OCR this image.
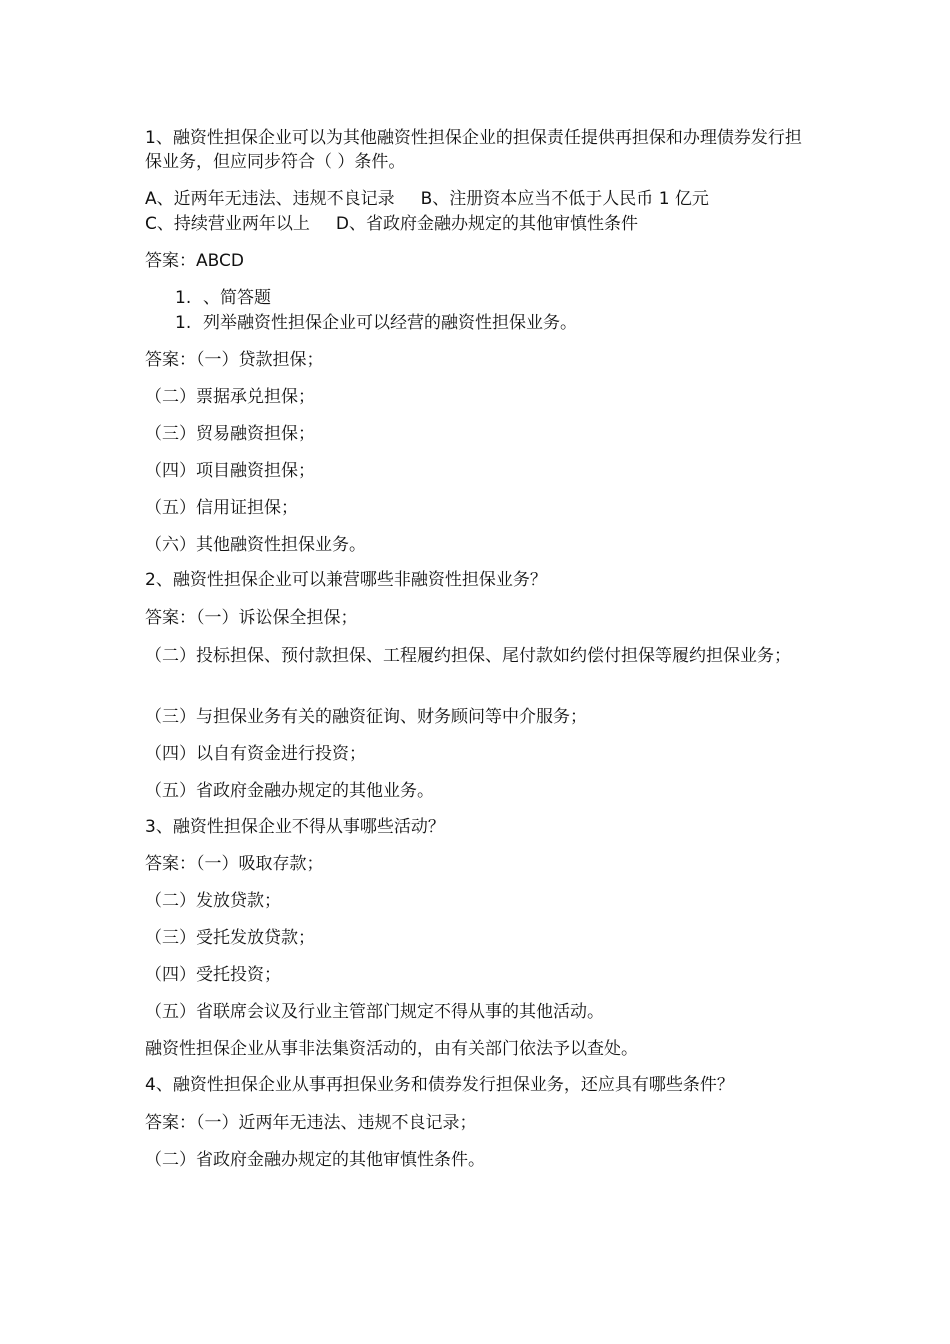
1、融资性担保企业可以为其他融资性担保企业的担保责任提供再担保和办理债券发行担保业务，但应同步符合（ ）条件。
A、近两年无违法、违规不良记录 B、注册资本应当不低于人民币 1 亿元
C、持续营业两年以上 D、省政府金融办规定的其他审慎性条件
答案：ABCD
1. 、简答题
1. 列举融资性担保企业可以经营的融资性担保业务。
答案：（一）贷款担保；
（二）票据承兑担保；
（三）贸易融资担保；
（四）项目融资担保；
（五）信用证担保；
（六）其他融资性担保业务。
2、融资性担保企业可以兼营哪些非融资性担保业务？
答案：（一）诉讼保全担保；
（二）投标担保、预付款担保、工程履约担保、尾付款如约偿付担保等履约担保业务；
（三）与担保业务有关的融资征询、财务顾问等中介服务；
（四）以自有资金进行投资；
（五）省政府金融办规定的其他业务。
3、融资性担保企业不得从事哪些活动？
答案：（一）吸取存款；
（二）发放贷款；
（三）受托发放贷款；
（四）受托投资；
（五）省联席会议及行业主管部门规定不得从事的其他活动。
融资性担保企业从事非法集资活动的，由有关部门依法予以查处。
4、融资性担保企业从事再担保业务和债券发行担保业务，还应具有哪些条件？
答案：（一）近两年无违法、违规不良记录；
（二）省政府金融办规定的其他审慎性条件。
